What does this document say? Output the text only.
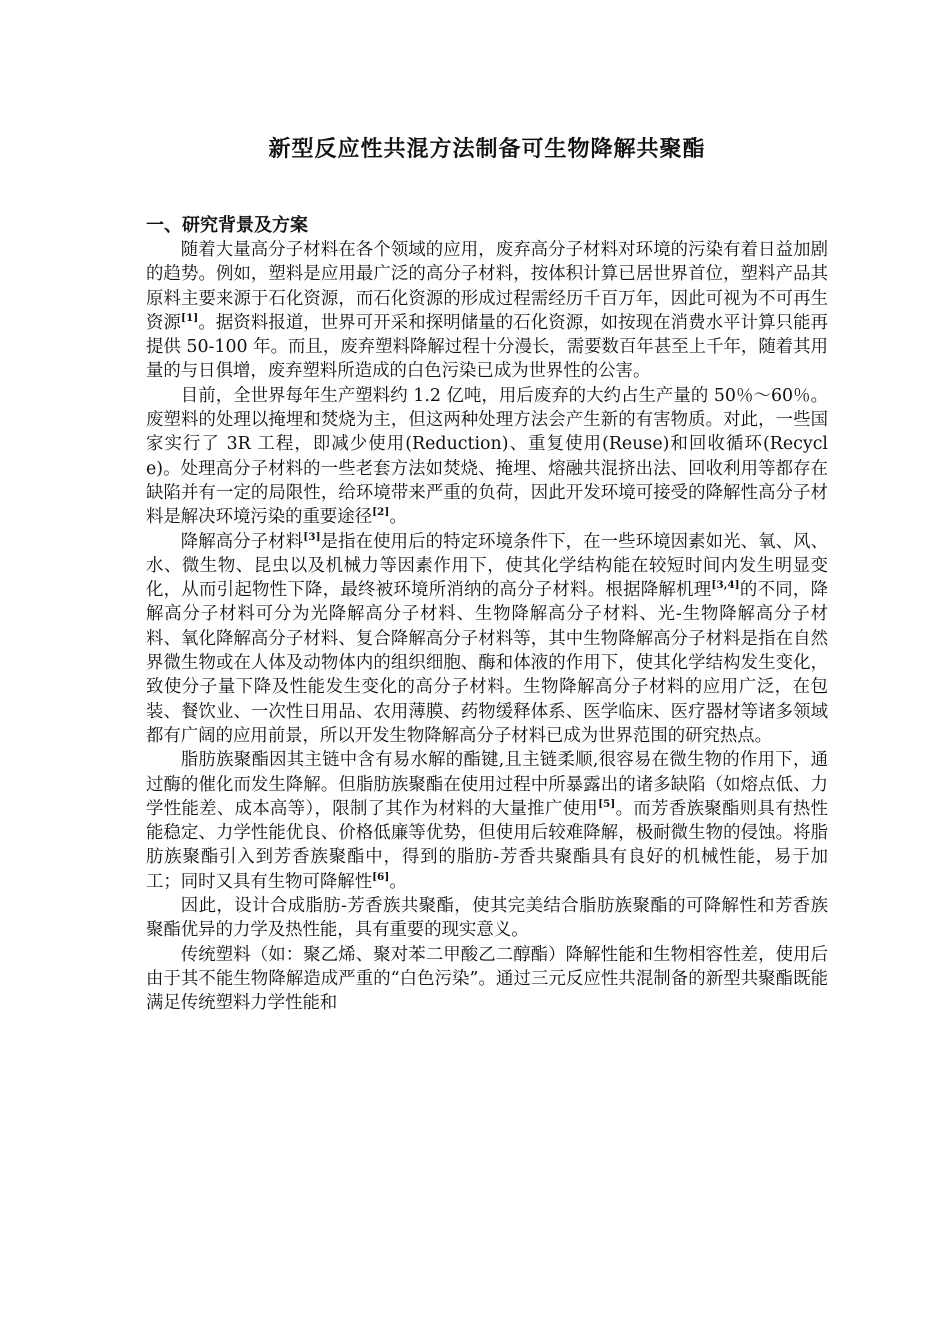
新型反应性共混方法制备可生物降解共聚酯
一、研究背景及方案

随着大量高分子材料在各个领域的应用，废弃高分子材料对环境的污染有着日益加剧的趋势。例如，塑料是应用最广泛的高分子材料，按体积计算已居世界首位，塑料产品其原料主要来源于石化资源，而石化资源的形成过程需经历千百万年，因此可视为不可再生资源[1]。据资料报道，世界可开采和探明储量的石化资源，如按现在消费水平计算只能再提供 50-100 年。而且，废弃塑料降解过程十分漫长，需要数百年甚至上千年，随着其用量的与日俱增，废弃塑料所造成的白色污染已成为世界性的公害。

目前，全世界每年生产塑料约 1.2 亿吨，用后废弃的大约占生产量的 50％～60％。废塑料的处理以掩埋和焚烧为主，但这两种处理方法会产生新的有害物质。对此，一些国家实行了 3R 工程，即减少使用(Reduction)、重复使用(Reuse)和回收循环(Recycle)。处理高分子材料的一些老套方法如焚烧、掩埋、熔融共混挤出法、回收利用等都存在缺陷并有一定的局限性，给环境带来严重的负荷，因此开发环境可接受的降解性高分子材料是解决环境污染的重要途径[2]。

降解高分子材料[3]是指在使用后的特定环境条件下，在一些环境因素如光、氧、风、水、微生物、昆虫以及机械力等因素作用下，使其化学结构能在较短时间内发生明显变化，从而引起物性下降，最终被环境所消纳的高分子材料。根据降解机理[3,4]的不同，降解高分子材料可分为光降解高分子材料、生物降解高分子材料、光-生物降解高分子材料、氧化降解高分子材料、复合降解高分子材料等，其中生物降解高分子材料是指在自然界微生物或在人体及动物体内的组织细胞、酶和体液的作用下，使其化学结构发生变化，致使分子量下降及性能发生变化的高分子材料。生物降解高分子材料的应用广泛，在包装、餐饮业、一次性日用品、农用薄膜、药物缓释体系、医学临床、医疗器材等诸多领域都有广阔的应用前景，所以开发生物降解高分子材料已成为世界范围的研究热点。

脂肪族聚酯因其主链中含有易水解的酯键,且主链柔顺,很容易在微生物的作用下，通过酶的催化而发生降解。但脂肪族聚酯在使用过程中所暴露出的诸多缺陷（如熔点低、力学性能差、成本高等），限制了其作为材料的大量推广使用[5]。而芳香族聚酯则具有热性能稳定、力学性能优良、价格低廉等优势，但使用后较难降解，极耐微生物的侵蚀。将脂肪族聚酯引入到芳香族聚酯中，得到的脂肪-芳香共聚酯具有良好的机械性能，易于加工；同时又具有生物可降解性[6]。

因此，设计合成脂肪-芳香族共聚酯，使其完美结合脂肪族聚酯的可降解性和芳香族聚酯优异的力学及热性能，具有重要的现实意义。

传统塑料（如：聚乙烯、聚对苯二甲酸乙二醇酯）降解性能和生物相容性差，使用后由于其不能生物降解造成严重的“白色污染”。通过三元反应性共混制备的新型共聚酯既能满足传统塑料力学性能和
